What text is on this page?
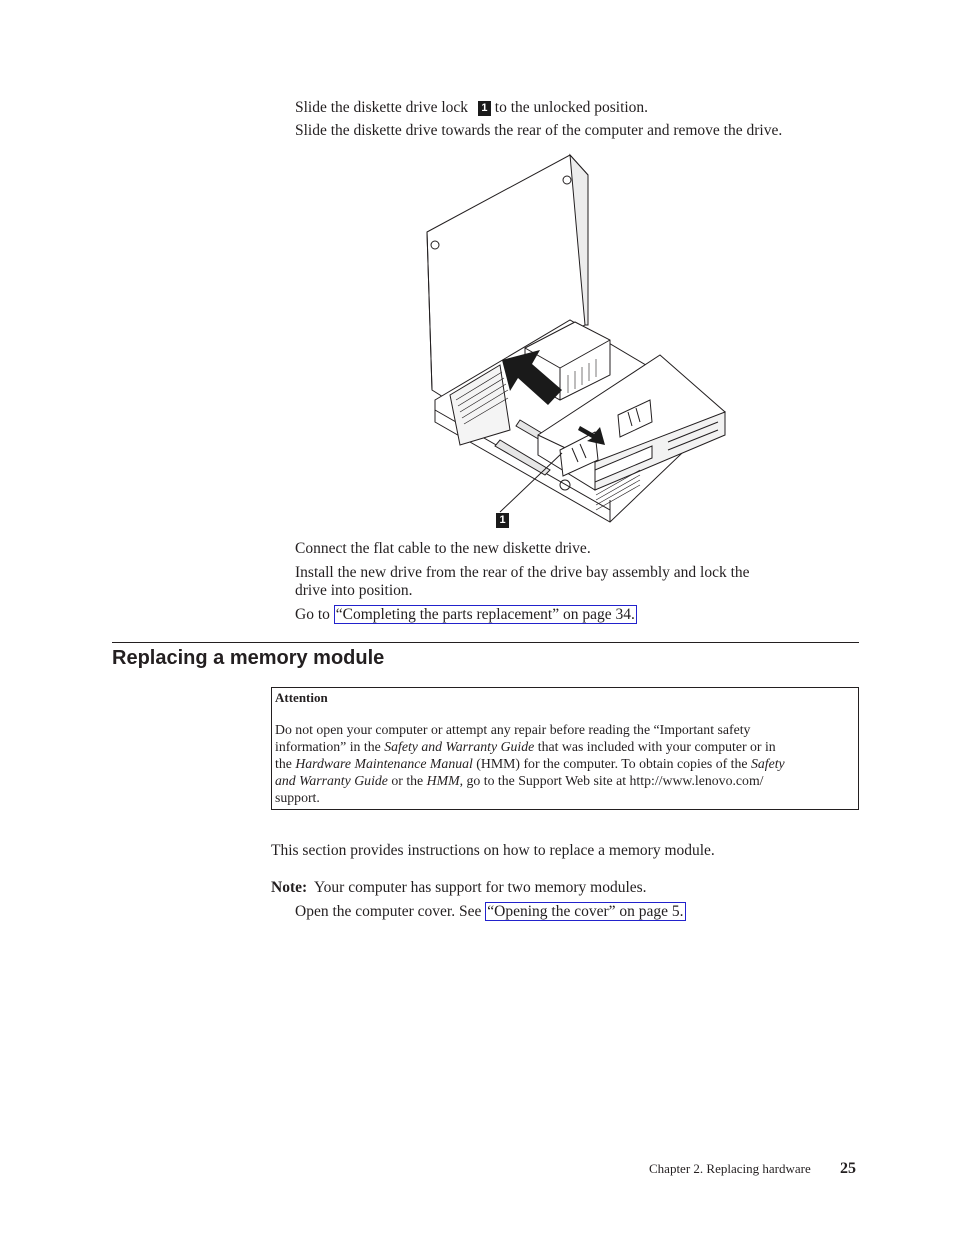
Slide the diskette drive lock 1 to the unlocked position.
Slide the diskette drive towards the rear of the computer and remove the drive.
1
Connect the flat cable to the new diskette drive.
Install the new drive from the rear of the drive bay assembly and lock the
drive into position.
Go to “Completing the parts replacement” on page 34.
Replacing a memory module
Attention
Do not open your computer or attempt any repair before reading the “Important safety
information” in the Safety and Warranty Guide that was included with your computer or in
the Hardware Maintenance Manual (HMM) for the computer. To obtain copies of the Safety
and Warranty Guide or the HMM, go to the Support Web site at http://www.lenovo.com/
support.
This section provides instructions on how to replace a memory module.
Note: Your computer has support for two memory modules.
Open the computer cover. See “Opening the cover” on page 5.
Chapter 2. Replacing hardware 25
